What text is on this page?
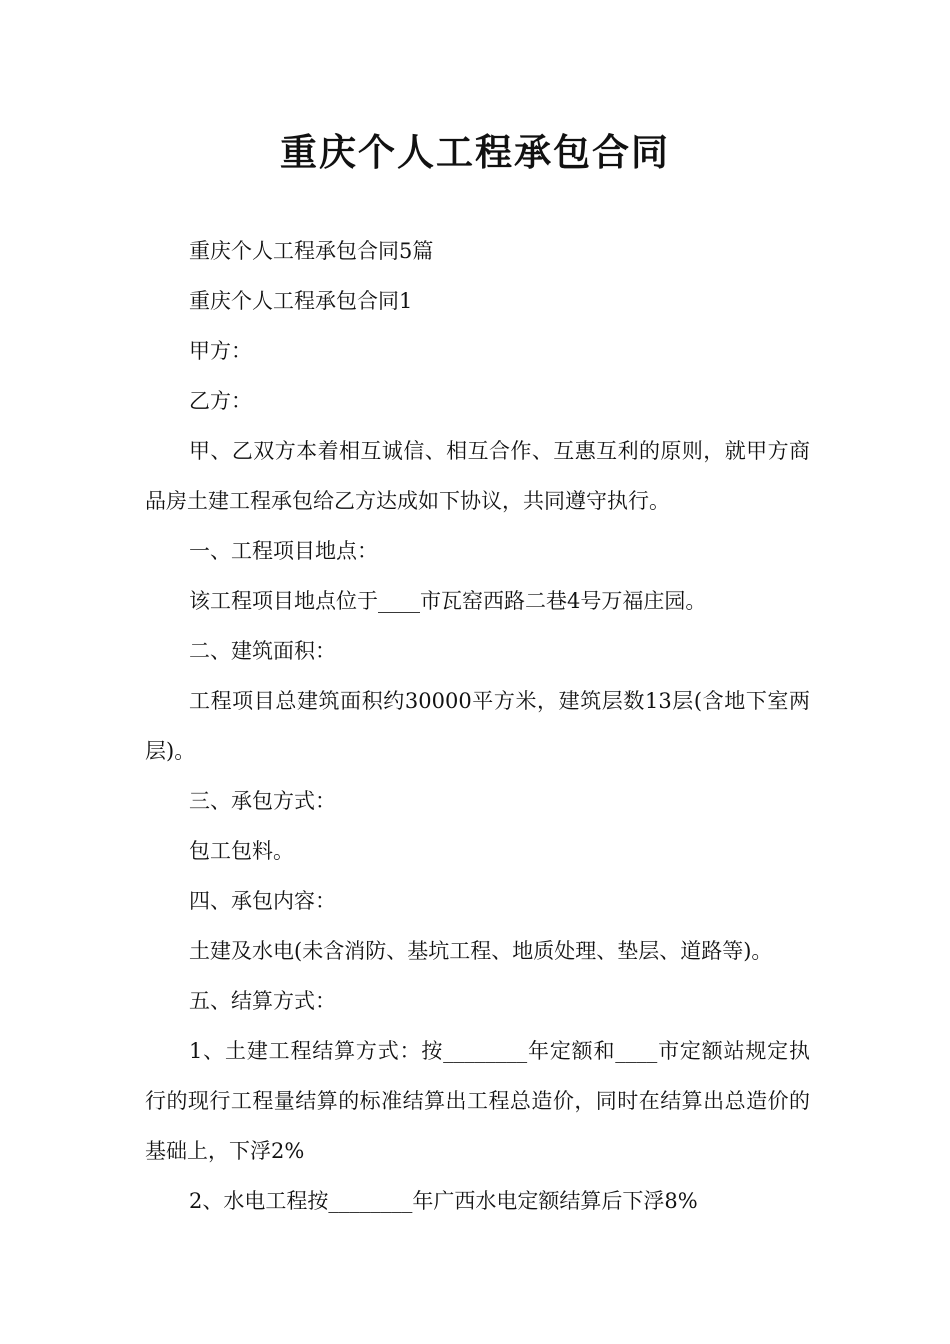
重庆个人工程承包合同

重庆个人工程承包合同5篇

重庆个人工程承包合同1

甲方：

乙方：

甲、乙双方本着相互诚信、相互合作、互惠互利的原则，就甲方商品房土建工程承包给乙方达成如下协议，共同遵守执行。

一、工程项目地点：

该工程项目地点位于____市瓦窑西路二巷4号万福庄园。

二、建筑面积：

工程项目总建筑面积约30000平方米，建筑层数13层(含地下室两层)。

三、承包方式：

包工包料。

四、承包内容：

土建及水电(未含消防、基坑工程、地质处理、垫层、道路等)。

五、结算方式：

1、土建工程结算方式：按________年定额和____市定额站规定执行的现行工程量结算的标准结算出工程总造价，同时在结算出总造价的基础上，下浮2%

2、水电工程按________年广西水电定额结算后下浮8%
